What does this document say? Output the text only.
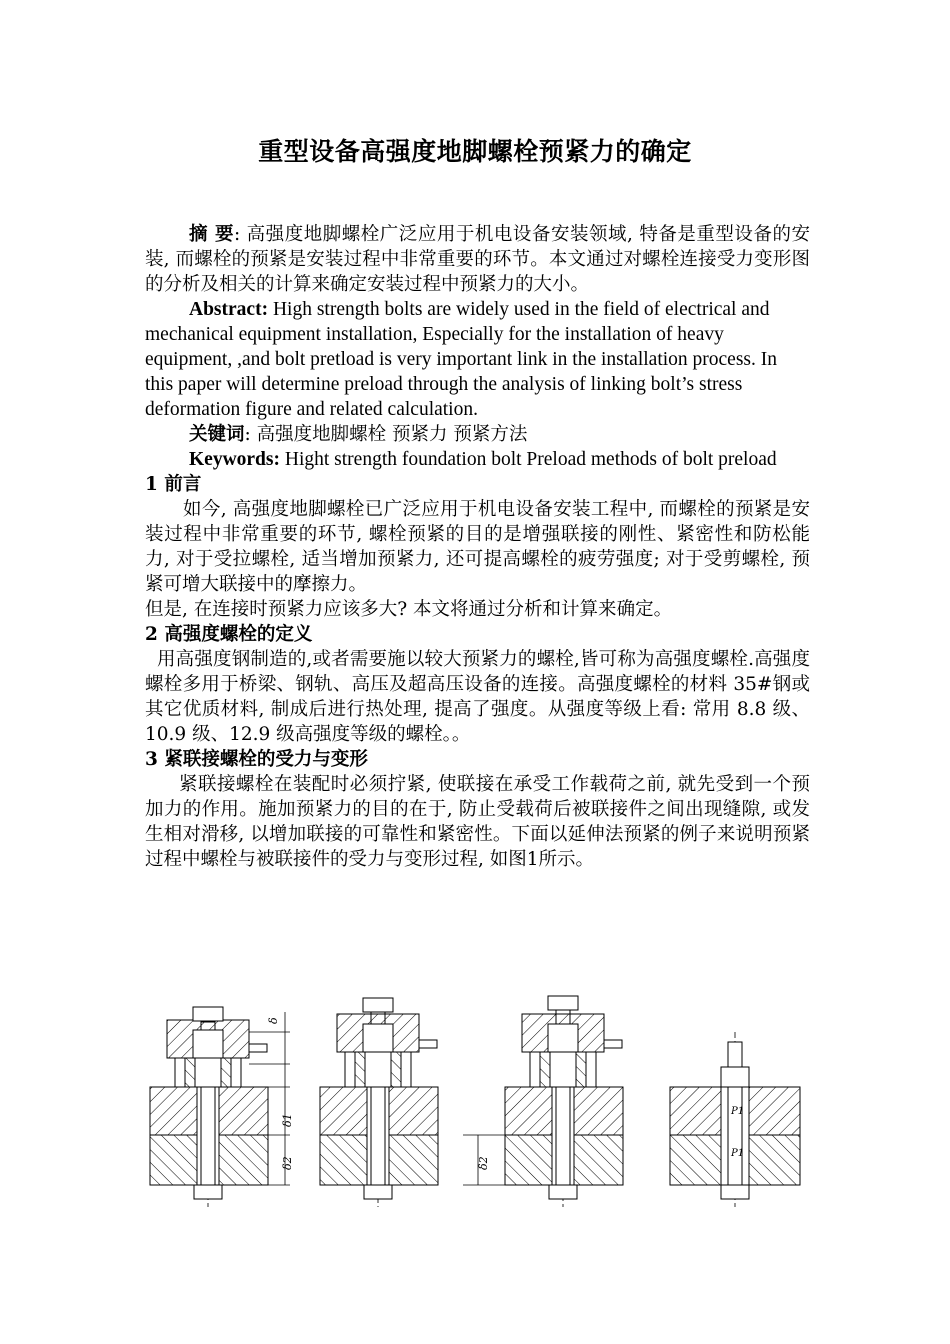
重型设备高强度地脚螺栓预紧力的确定

摘 要: 高强度地脚螺栓广泛应用于机电设备安装领域, 特备是重型设备的安装, 而螺栓的预紧是安装过程中非常重要的环节。本文通过对螺栓连接受力变形图的分析及相关的计算来确定安装过程中预紧力的大小。

Abstract: High strength bolts are widely used in the field of electrical and mechanical equipment installation, Especially for the installation of heavy equipment, ,and bolt pretload is very important link in the installation process. In this paper will determine preload through the analysis of linking bolt’s stress deformation figure and related calculation.

关键词: 高强度地脚螺栓 预紧力 预紧方法

Keywords: Hight strength foundation bolt Preload methods of bolt preload

1 前言

如今, 高强度地脚螺栓已广泛应用于机电设备安装工程中, 而螺栓的预紧是安装过程中非常重要的环节, 螺栓预紧的目的是增强联接的刚性、紧密性和防松能力, 对于受拉螺栓, 适当增加预紧力, 还可提高螺栓的疲劳强度; 对于受剪螺栓, 预紧可增大联接中的摩擦力。

但是, 在连接时预紧力应该多大? 本文将通过分析和计算来确定。

2 高强度螺栓的定义

用高强度钢制造的,或者需要施以较大预紧力的螺栓,皆可称为高强度螺栓.高强度螺栓多用于桥梁、钢轨、高压及超高压设备的连接。高强度螺栓的材料 35#钢或其它优质材料, 制成后进行热处理, 提高了强度。从强度等级上看: 常用 8.8 级、10.9 级、12.9 级高强度等级的螺栓。。

3 紧联接螺栓的受力与变形

紧联接螺栓在装配时必须拧紧, 使联接在承受工作载荷之前, 就先受到一个预加力的作用。施加预紧力的目的在于, 防止受载荷后被联接件之间出现缝隙, 或发生相对滑移, 以增加联接的可靠性和紧密性。下面以延伸法预紧的例子来说明预紧过程中螺栓与被联接件的受力与变形过程, 如图1所示。

δ
δ1
δ2	δ2
P1
P1
